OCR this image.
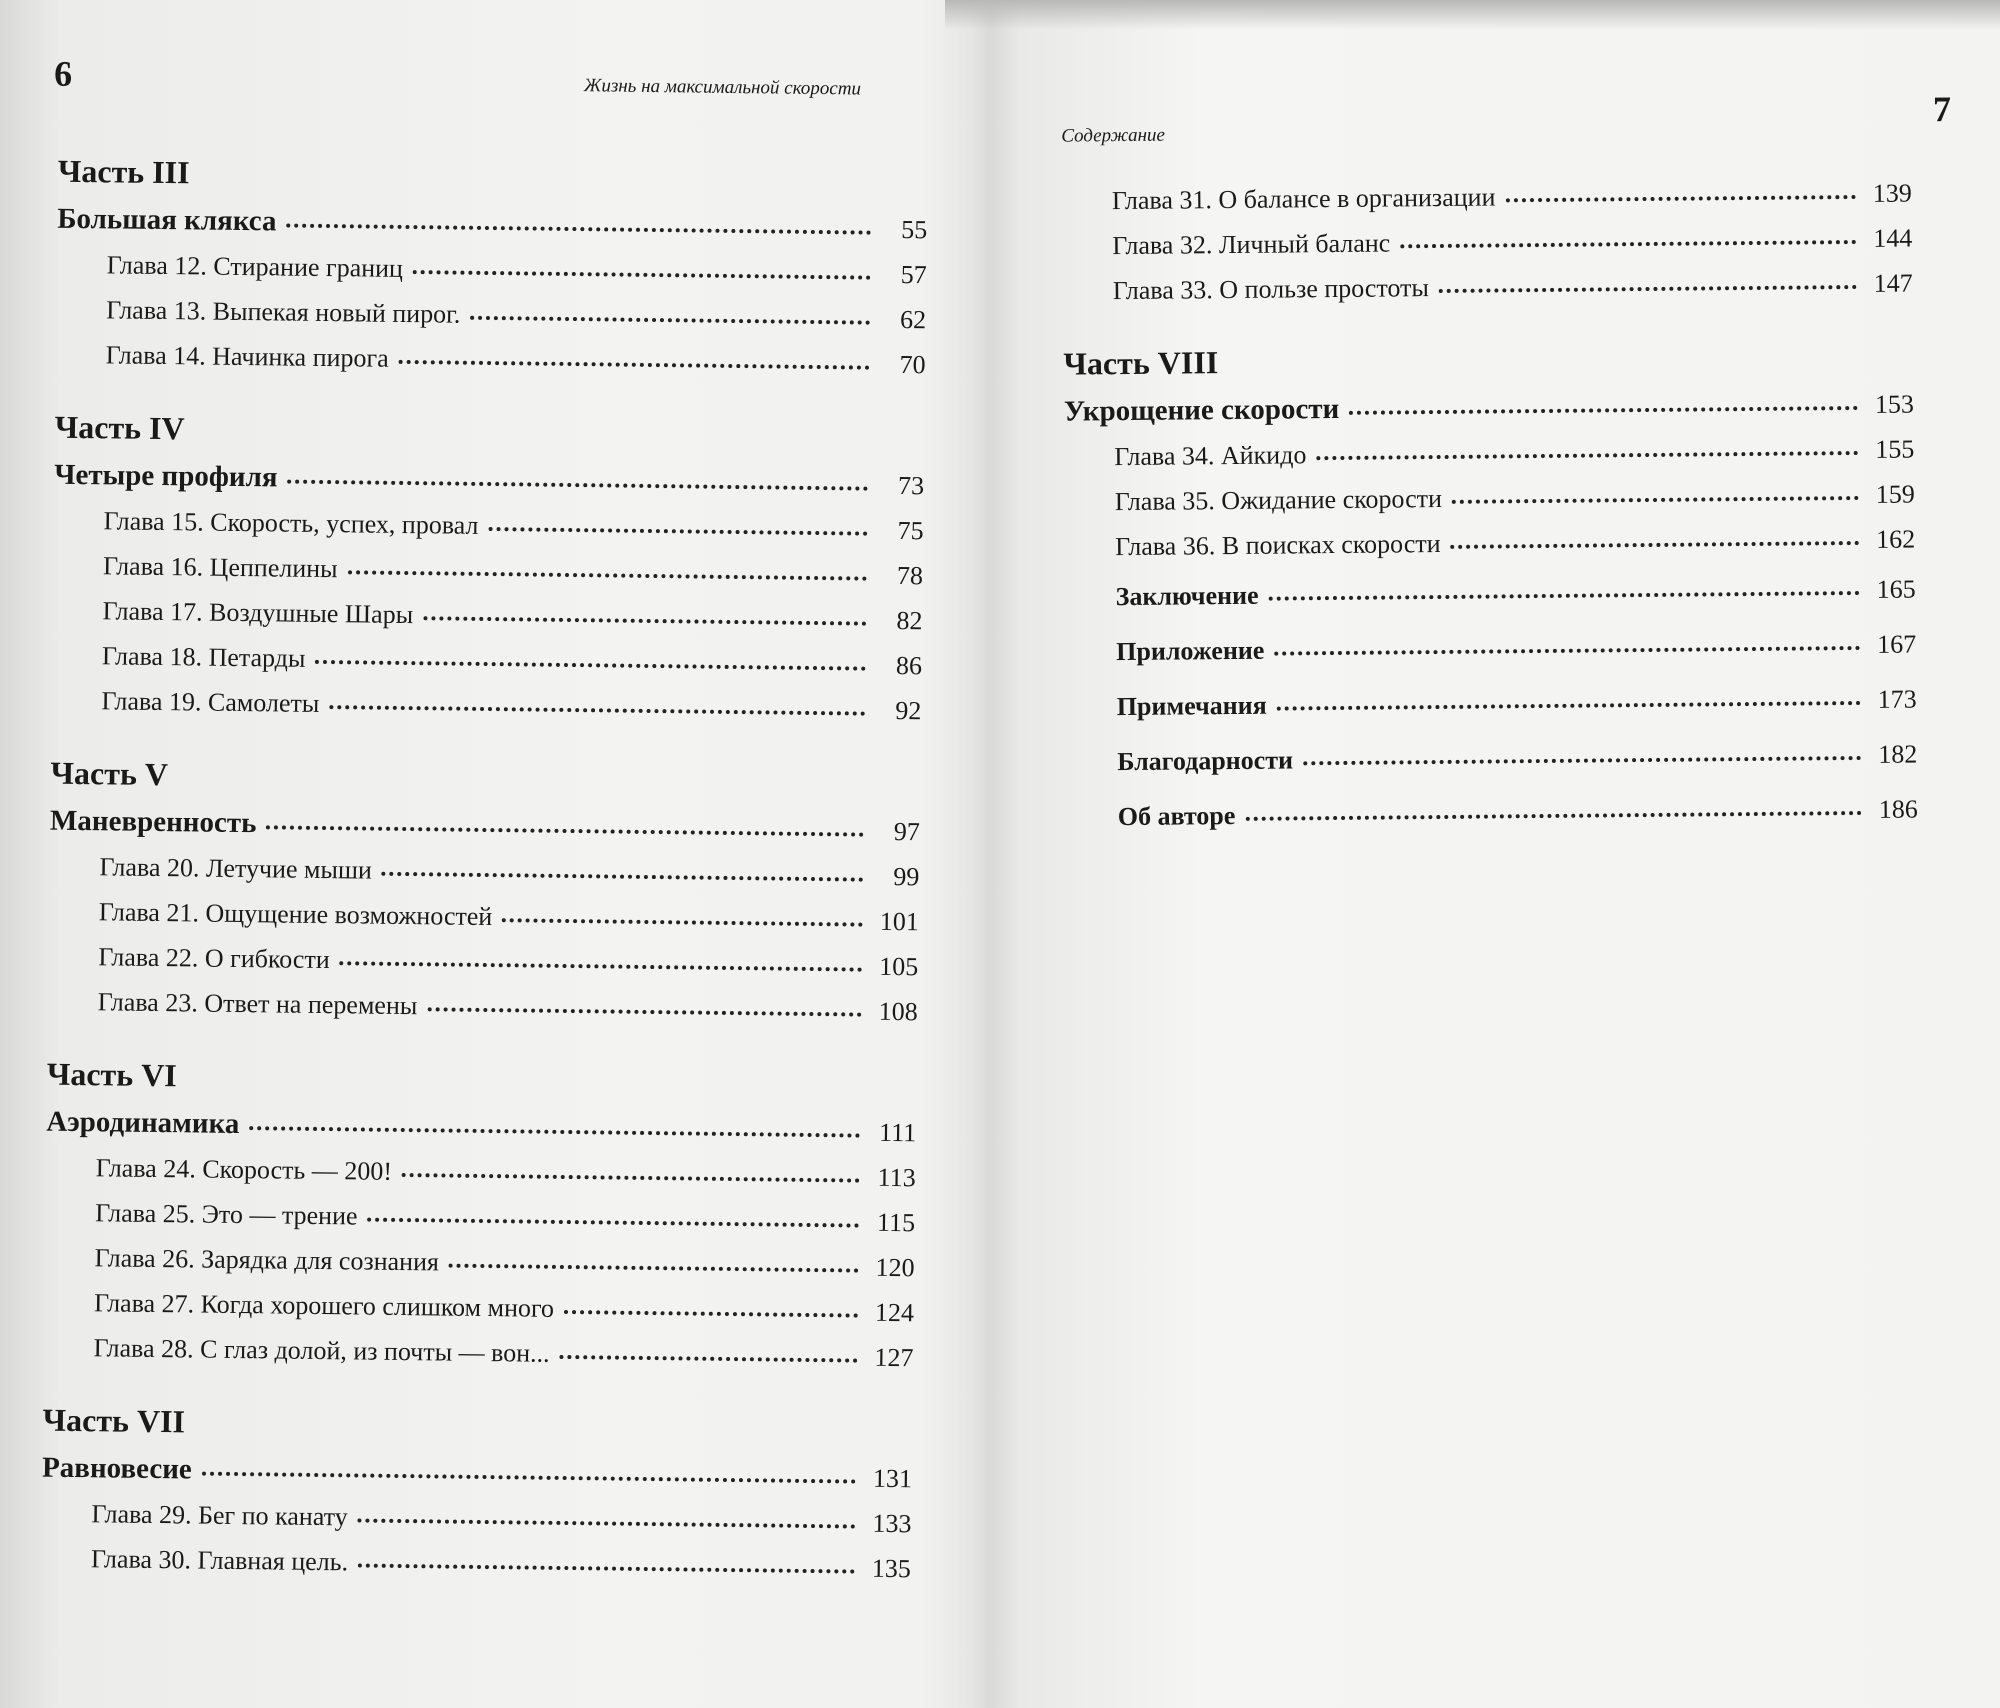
6	Жизнь на максимальной скорости
Часть III
Большая клякса	55
Глава 12. Стирание границ	57
Глава 13. Выпекая новый пирог.	62
Глава 14. Начинка пирога	70
Часть IV
Четыре профиля	73
Глава 15. Скорость, успех, провал	75
Глава 16. Цеппелины	78
Глава 17. Воздушные Шары	82
Глава 18. Петарды	86
Глава 19. Самолеты	92
Часть V
Маневренность	97
Глава 20. Летучие мыши	99
Глава 21. Ощущение возможностей	101
Глава 22. О гибкости	105
Глава 23. Ответ на перемены	108
Часть VI
Аэродинамика	111
Глава 24. Скорость — 200!	113
Глава 25. Это — трение	115
Глава 26. Зарядка для сознания	120
Глава 27. Когда хорошего слишком много	124
Глава 28. С глаз долой, из почты — вон...	127
Часть VII
Равновесие	131
Глава 29. Бег по канату	133
Глава 30. Главная цель.	135
Содержание
7
Глава 31. О балансе в организации	139
Глава 32. Личный баланс	144
Глава 33. О пользе простоты	147
Часть VIII
Укрощение скорости	153
Глава 34. Айкидо	155
Глава 35. Ожидание скорости	159
Глава 36. В поисках скорости	162
Заключение	165
Приложение	167
Примечания	173
Благодарности	182
Об авторе	186
